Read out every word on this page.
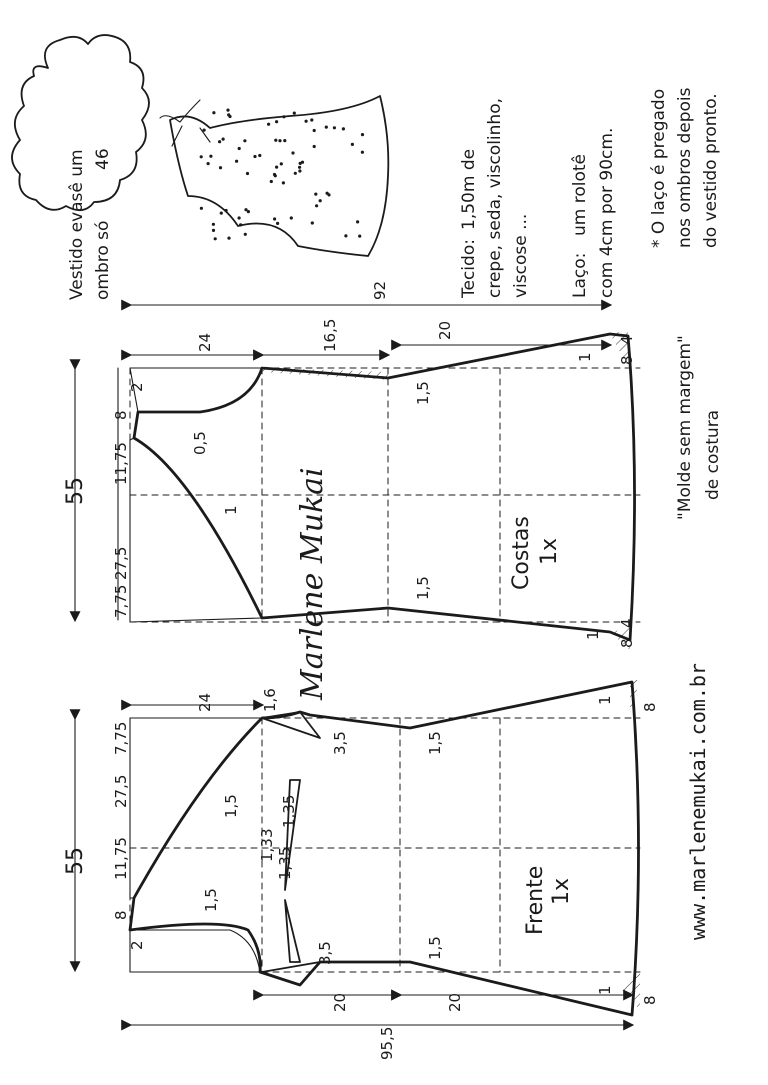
Vestido evasê um ombro só
46
Tecido:
1,50m de crepe, seda, viscolinho, viscose ... Laço:
um rolotê com 4cm por 90cm. * O laço é pregado nos ombros depois do vestido pronto.
"Molde sem margem" de costura
55
92
24	16,5	20
2
8
11,75
27,5
7,75
0,5
1
1,5
1,5
1
1
4
8
4
8
Costas 1x
55
95,5
24	1,6
3,5	1,5
7,75
27,5
11,75
8
2
1,5
1,5
3
1,3
1,35
1,35
3,5	1,5
20	20
1
8
8
1
Frente 1x
Marlene Mukai
www.marlenemukai.com.br
